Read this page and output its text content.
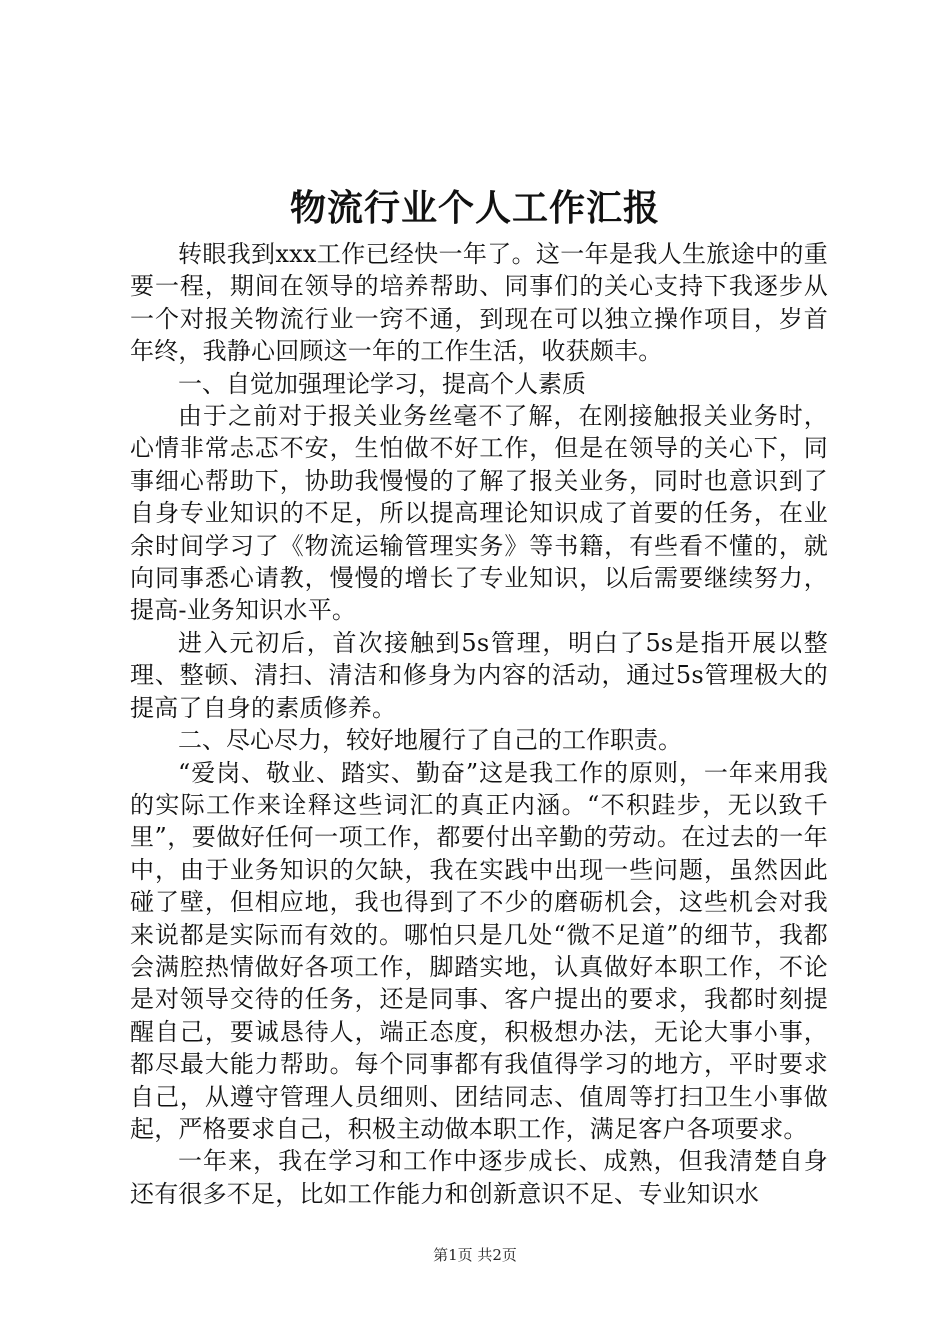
物流行业个人工作汇报

转眼我到xxx工作已经快一年了。这一年是我人生旅途中的重要一程，期间在领导的培养帮助、同事们的关心支持下我逐步从一个对报关物流行业一窍不通，到现在可以独立操作项目，岁首年终，我静心回顾这一年的工作生活，收获颇丰。

一、自觉加强理论学习，提高个人素质

由于之前对于报关业务丝毫不了解，在刚接触报关业务时，心情非常忐忑不安，生怕做不好工作，但是在领导的关心下，同事细心帮助下，协助我慢慢的了解了报关业务，同时也意识到了自身专业知识的不足，所以提高理论知识成了首要的任务，在业余时间学习了《物流运输管理实务》等书籍，有些看不懂的，就向同事悉心请教，慢慢的增长了专业知识，以后需要继续努力，提高-业务知识水平。

进入元初后，首次接触到5s管理，明白了5s是指开展以整理、整顿、清扫、清洁和修身为内容的活动，通过5s管理极大的提高了自身的素质修养。

二、尽心尽力，较好地履行了自己的工作职责。

“爱岗、敬业、踏实、勤奋”这是我工作的原则，一年来用我的实际工作来诠释这些词汇的真正内涵。“不积跬步，无以致千里”，要做好任何一项工作，都要付出辛勤的劳动。在过去的一年中，由于业务知识的欠缺，我在实践中出现一些问题，虽然因此碰了壁，但相应地，我也得到了不少的磨砺机会，这些机会对我来说都是实际而有效的。哪怕只是几处“微不足道”的细节，我都会满腔热情做好各项工作，脚踏实地，认真做好本职工作，不论是对领导交待的任务，还是同事、客户提出的要求，我都时刻提醒自己，要诚恳待人，端正态度，积极想办法，无论大事小事，都尽最大能力帮助。每个同事都有我值得学习的地方，平时要求自己，从遵守管理人员细则、团结同志、值周等打扫卫生小事做起，严格要求自己，积极主动做本职工作，满足客户各项要求。

一年来，我在学习和工作中逐步成长、成熟，但我清楚自身还有很多不足，比如工作能力和创新意识不足、专业知识水

第1页 共2页
